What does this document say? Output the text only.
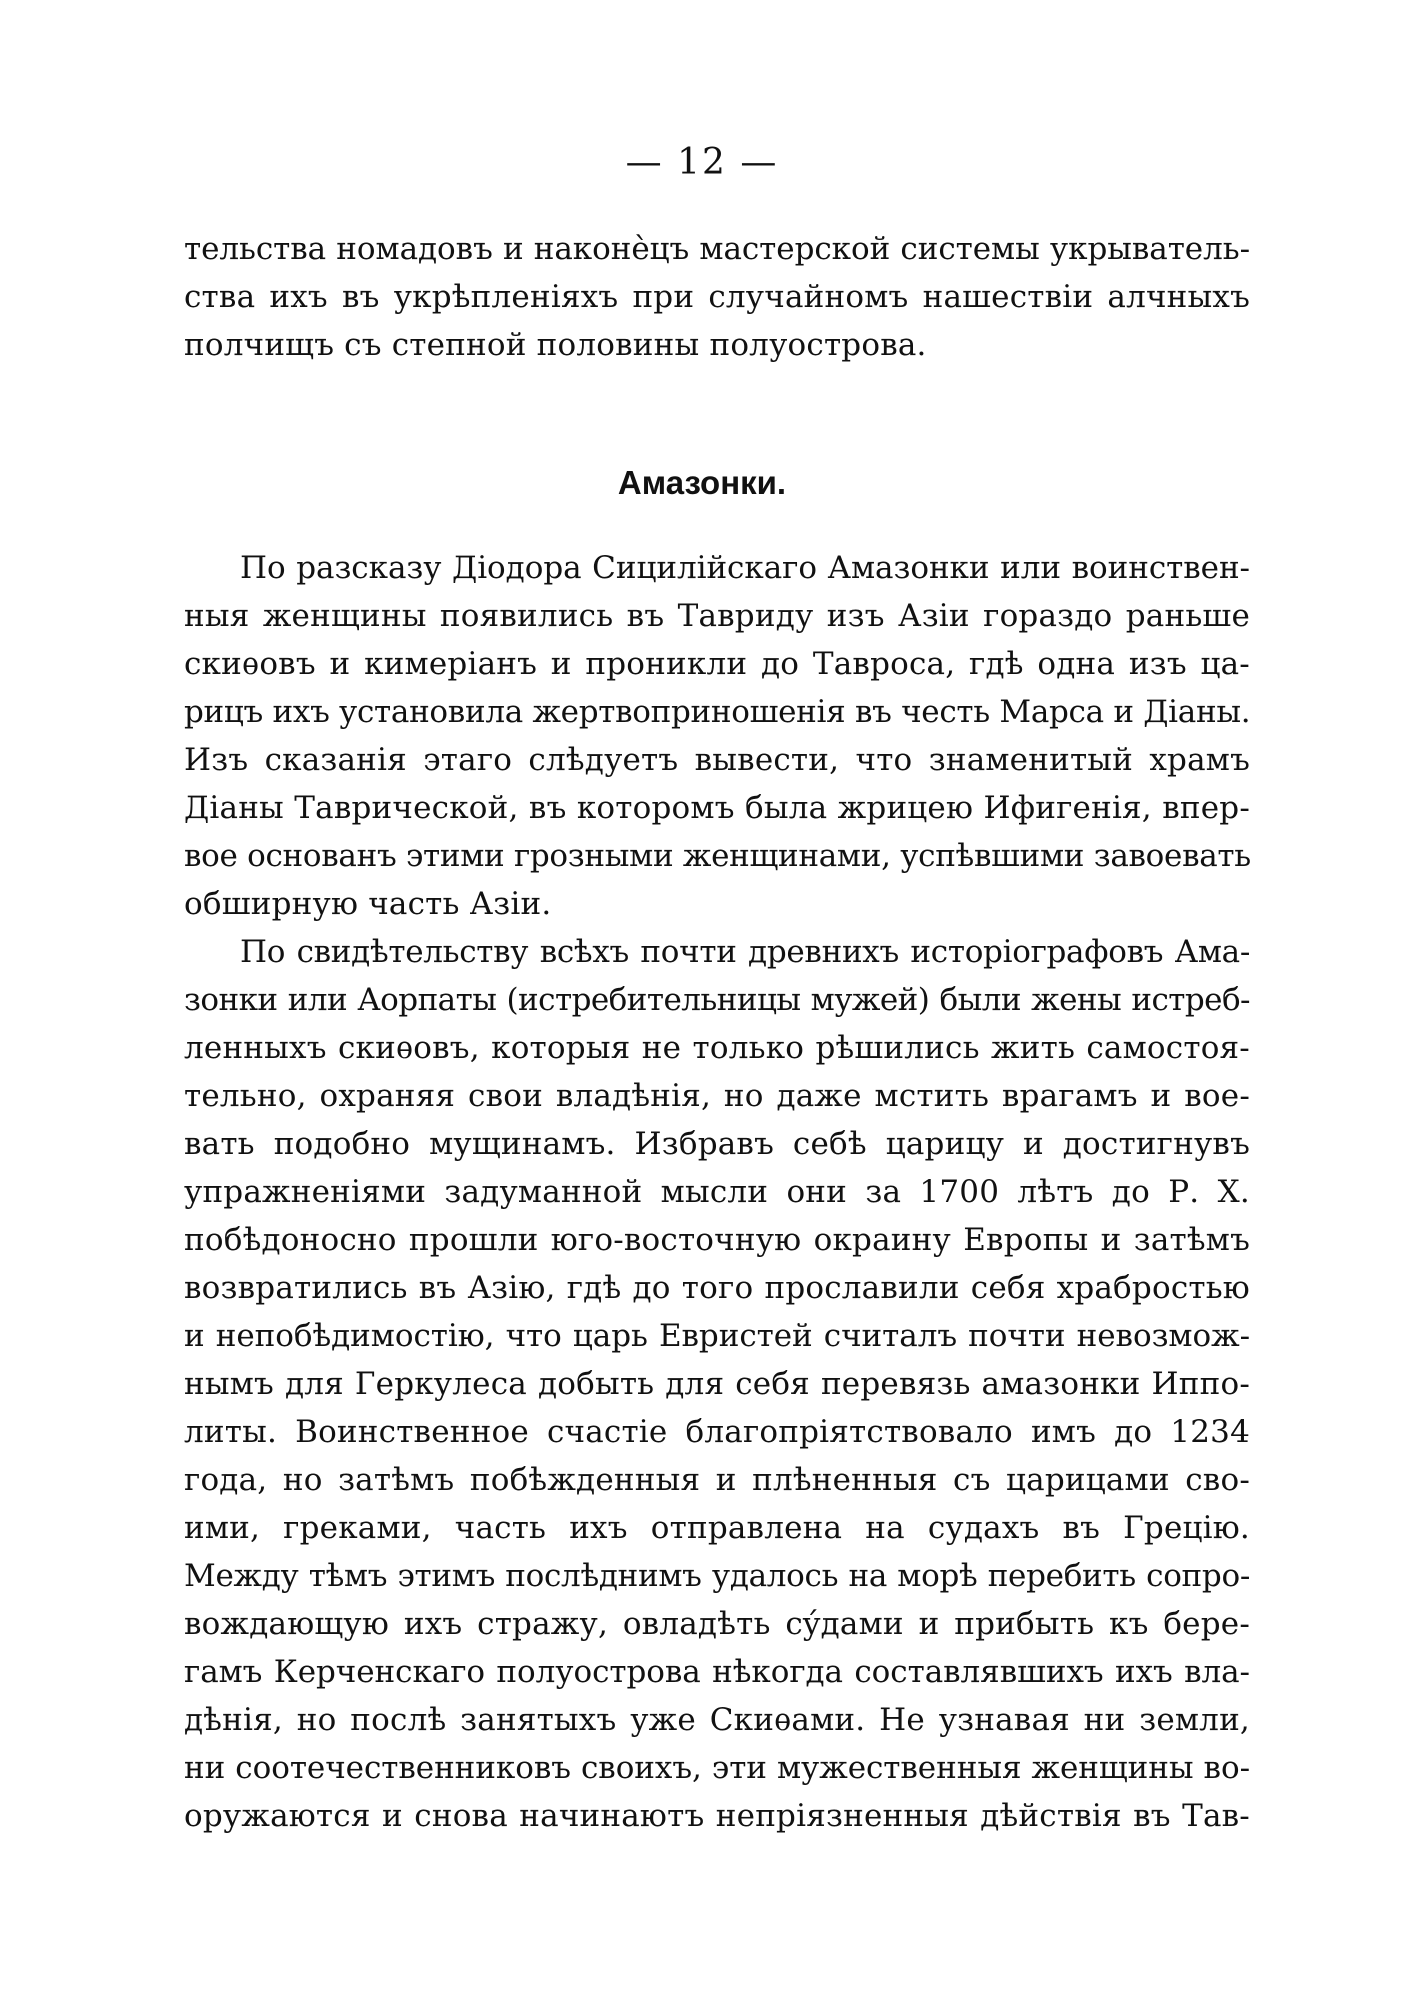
— 12 —
тельства номадовъ и наконѐцъ мастерской системы укрыватель-
ства ихъ въ укрѣпленіяхъ при случайномъ нашествіи алчныхъ
полчищъ съ степной половины полуострова.
Амазонки.
По разсказу Діодора Сицилійскаго Амазонки или воинствен-
ныя женщины появились въ Тавриду изъ Азіи гораздо раньше
скиѳовъ и кимеріанъ и проникли до Тавроса, гдѣ одна изъ ца-
рицъ ихъ установила жертвоприношенія въ честь Марса и Діаны.
Изъ сказанія этаго слѣдуетъ вывести, что знаменитый храмъ
Діаны Таврической, въ которомъ была жрицею Ифигенія, впер-
вое основанъ этими грозными женщинами, успѣвшими завоевать
обширную часть Азіи.
По свидѣтельству всѣхъ почти древнихъ исторіографовъ Ама-
зонки или Аорпаты (истребительницы мужей) были жены истреб-
ленныхъ скиѳовъ, которыя не только рѣшились жить самостоя-
тельно, охраняя свои владѣнія, но даже мстить врагамъ и вое-
вать подобно мущинамъ. Избравъ себѣ царицу и достигнувъ
упражненіями задуманной мысли они за 1700 лѣтъ до Р. Х.
побѣдоносно прошли юго-восточную окраину Европы и затѣмъ
возвратились въ Азію, гдѣ до того прославили себя храбростью
и непобѣдимостію, что царь Евристей считалъ почти невозмож-
нымъ для Геркулеса добыть для себя перевязь амазонки Иппо-
литы. Воинственное счастіе благопріятствовало имъ до 1234
года, но затѣмъ побѣжденныя и плѣненныя съ царицами сво-
ими, греками, часть ихъ отправлена на судахъ въ Грецію.
Между тѣмъ этимъ послѣднимъ удалось на морѣ перебить сопро-
вождающую ихъ стражу, овладѣть сýдами и прибыть къ бере-
гамъ Керченскаго полуострова нѣкогда составлявшихъ ихъ вла-
дѣнія, но послѣ занятыхъ уже Скиѳами. Не узнавая ни земли,
ни соотечественниковъ своихъ, эти мужественныя женщины во-
оружаются и снова начинаютъ непріязненныя дѣйствія въ Тав-
